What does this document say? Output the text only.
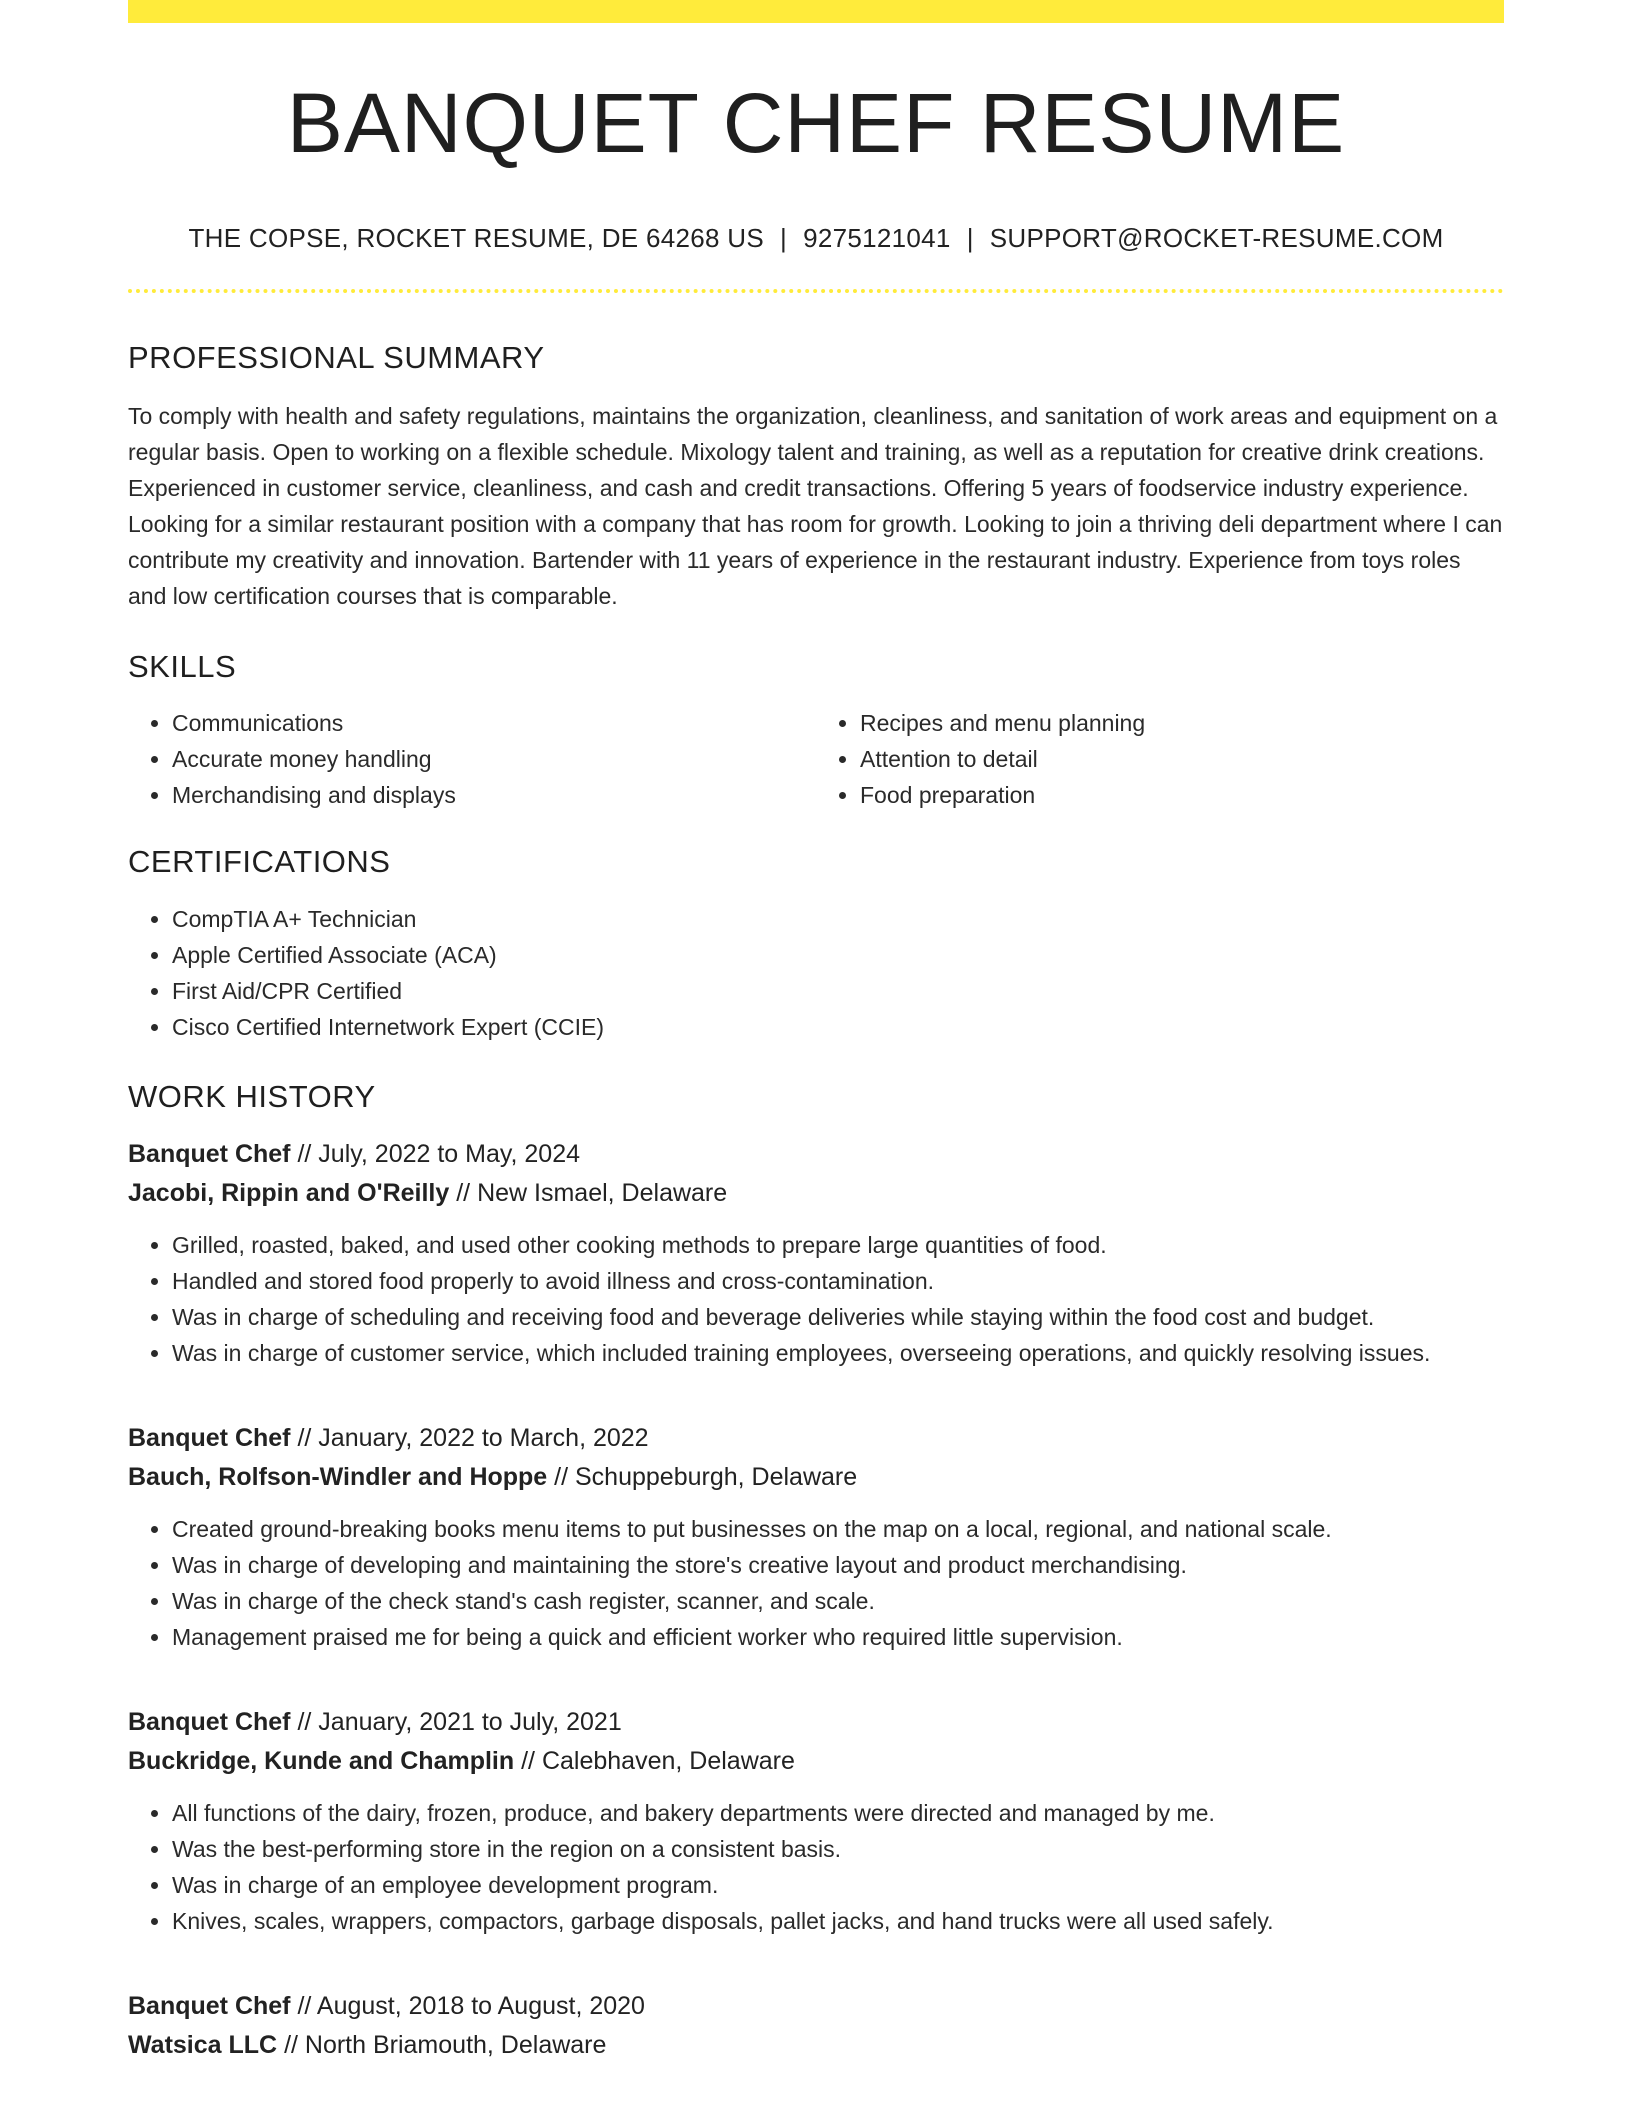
BANQUET CHEF RESUME
THE COPSE, ROCKET RESUME, DE 64268 US | 9275121041 | SUPPORT@ROCKET-RESUME.COM
PROFESSIONAL SUMMARY

To comply with health and safety regulations, maintains the organization, cleanliness, and sanitation of work areas and equipment on a regular basis. Open to working on a flexible schedule. Mixology talent and training, as well as a reputation for creative drink creations. Experienced in customer service, cleanliness, and cash and credit transactions. Offering 5 years of foodservice industry experience. Looking for a similar restaurant position with a company that has room for growth. Looking to join a thriving deli department where I can contribute my creativity and innovation. Bartender with 11 years of experience in the restaurant industry. Experience from toys roles and low certification courses that is comparable.

SKILLS
• Communications
• Accurate money handling
• Merchandising and displays
• Recipes and menu planning
• Attention to detail
• Food preparation
CERTIFICATIONS
• CompTIA A+ Technician
• Apple Certified Associate (ACA)
• First Aid/CPR Certified
• Cisco Certified Internetwork Expert (CCIE)
WORK HISTORY
Banquet Chef // July, 2022 to May, 2024
Jacobi, Rippin and O'Reilly // New Ismael, Delaware
• Grilled, roasted, baked, and used other cooking methods to prepare large quantities of food.
• Handled and stored food properly to avoid illness and cross-contamination.
• Was in charge of scheduling and receiving food and beverage deliveries while staying within the food cost and budget.
• Was in charge of customer service, which included training employees, overseeing operations, and quickly resolving issues.
Banquet Chef // January, 2022 to March, 2022
Bauch, Rolfson-Windler and Hoppe // Schuppeburgh, Delaware
• Created ground-breaking books menu items to put businesses on the map on a local, regional, and national scale.
• Was in charge of developing and maintaining the store's creative layout and product merchandising.
• Was in charge of the check stand's cash register, scanner, and scale.
• Management praised me for being a quick and efficient worker who required little supervision.
Banquet Chef // January, 2021 to July, 2021
Buckridge, Kunde and Champlin // Calebhaven, Delaware
• All functions of the dairy, frozen, produce, and bakery departments were directed and managed by me.
• Was the best-performing store in the region on a consistent basis.
• Was in charge of an employee development program.
• Knives, scales, wrappers, compactors, garbage disposals, pallet jacks, and hand trucks were all used safely.
Banquet Chef // August, 2018 to August, 2020
Watsica LLC // North Briamouth, Delaware
